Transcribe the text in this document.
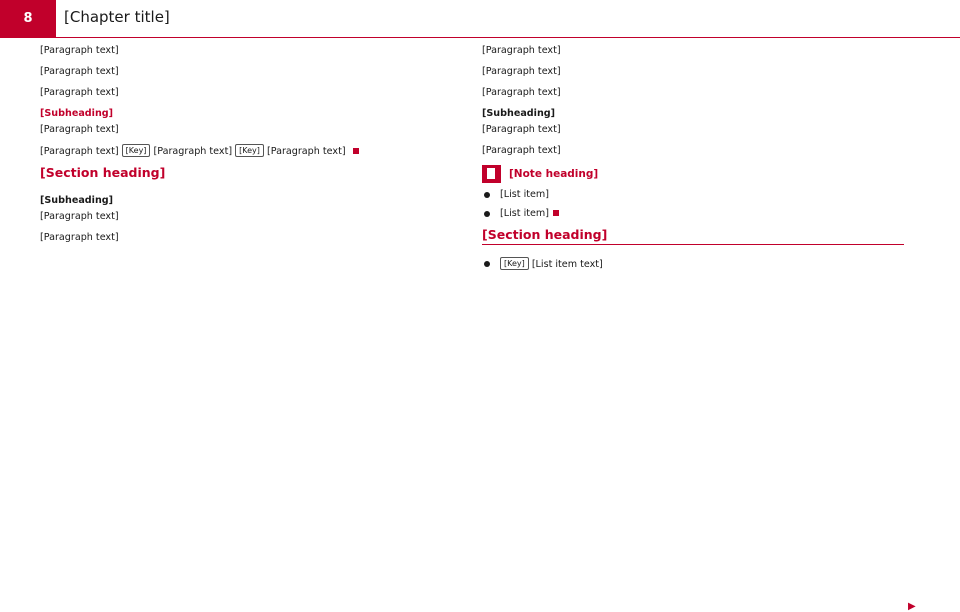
8	[Chapter title]

[Paragraph text]

[Paragraph text]

[Paragraph text]

[Subheading]

[Paragraph text]

[Paragraph text] [Key] [Paragraph text] [Key] [Paragraph text]

[Section heading]
[Subheading]

[Paragraph text]

[Paragraph text]

[Paragraph text]

[Paragraph text]

[Paragraph text]

[Subheading]

[Paragraph text]

[Paragraph text]

[Note heading]
[List item]
[List item]
[Section heading]
[Key] [List item text]
▶
